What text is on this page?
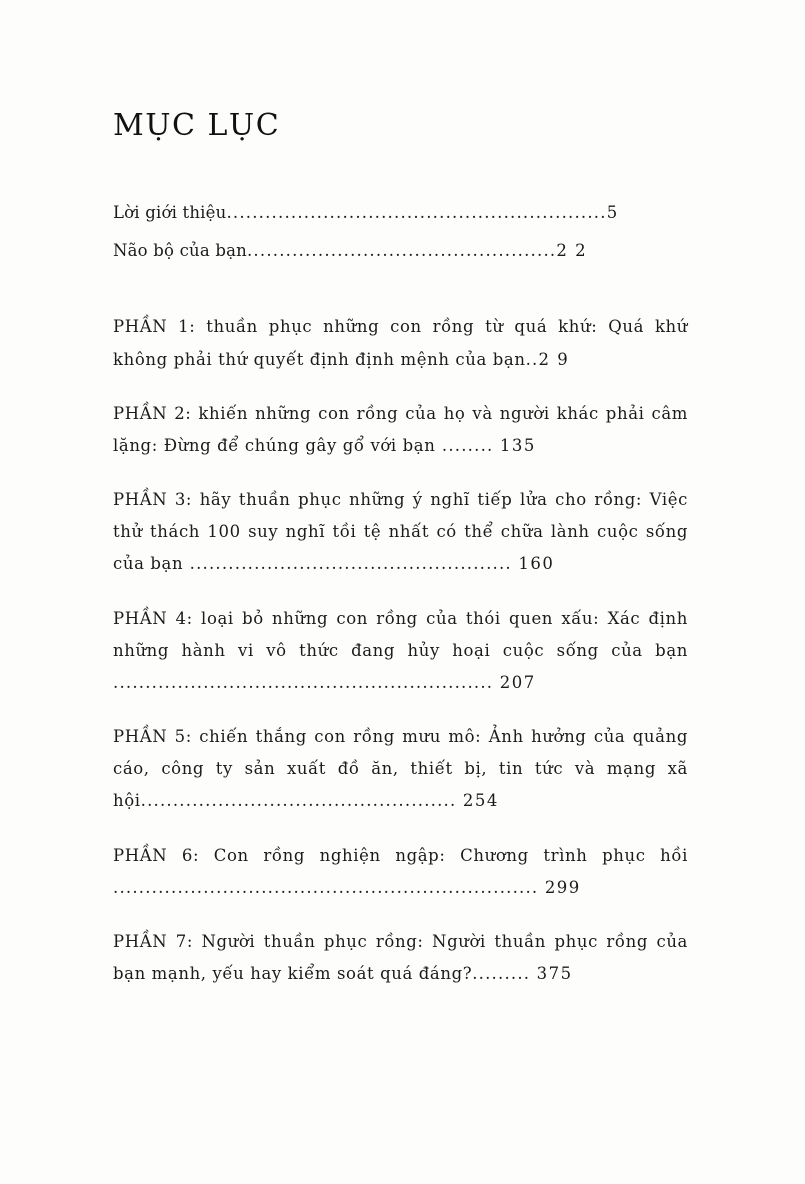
MỤC LỤC
Lời giới thiệu...........................................................5
Não bộ của bạn................................................2 2
PHẦN 1: thuần phục những con rồng từ quá khứ: Quá khứ không phải thứ quyết định định mệnh của bạn..2 9
PHẦN 2: khiến những con rồng của họ và người khác phải câm lặng: Đừng để chúng gây gổ với bạn ........ 135
PHẦN 3: hãy thuần phục những ý nghĩ tiếp lửa cho rồng: Việc thử thách 100 suy nghĩ tồi tệ nhất có thể chữa lành cuộc sống của bạn .................................................. 160
PHẦN 4: loại bỏ những con rồng của thói quen xấu: Xác định những hành vi vô thức đang hủy hoại cuộc sống của bạn ........................................................... 207
PHẦN 5: chiến thắng con rồng mưu mô: Ảnh hưởng của quảng cáo, công ty sản xuất đồ ăn, thiết bị, tin tức và mạng xã hội................................................. 254
PHẦN 6: Con rồng nghiện ngập: Chương trình phục hồi .................................................................. 299
PHẦN 7: Người thuần phục rồng: Người thuần phục rồng của bạn mạnh, yếu hay kiểm soát quá đáng?......... 375
